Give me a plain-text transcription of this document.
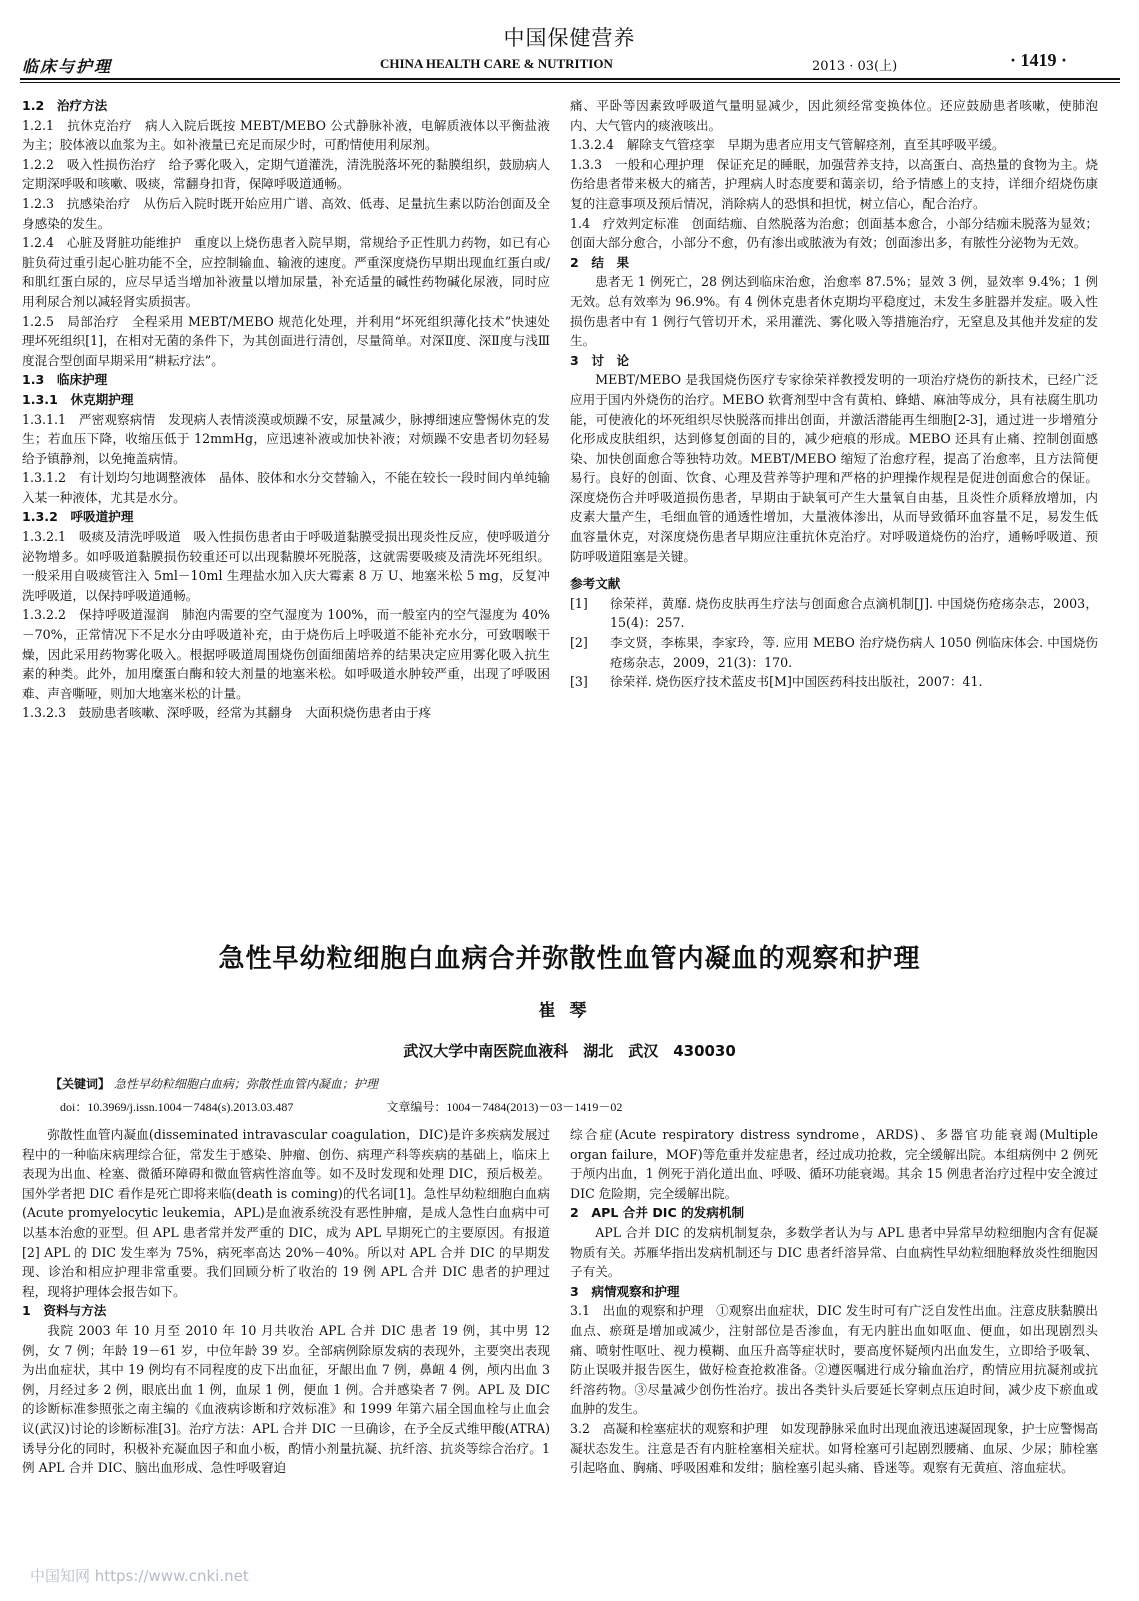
中国保健营养
临床与护理	CHINA HEALTH CARE & NUTRITION	2013 · 03(上)	· 1419 ·

1.2　治疗方法

1.2.1　抗休克治疗　病人入院后既按 MEBT/MEBO 公式静脉补液，电解质液体以平衡盐液为主；胶体液以血浆为主。如补液量已充足而尿少时，可酌情使用利尿剂。

1.2.2　吸入性损伤治疗　给予雾化吸入，定期气道灌洗，清洗脱落坏死的黏膜组织，鼓励病人定期深呼吸和咳嗽、吸痰，常翻身扣背，保障呼吸道通畅。

1.2.3　抗感染治疗　从伤后入院时既开始应用广谱、高效、低毒、足量抗生素以防治创面及全身感染的发生。

1.2.4　心脏及肾脏功能维护　重度以上烧伤患者入院早期，常规给予正性肌力药物，如已有心脏负荷过重引起心脏功能不全，应控制输血、输液的速度。严重深度烧伤早期出现血红蛋白或/和肌红蛋白尿的，应尽早适当增加补液量以增加尿量，补充适量的碱性药物碱化尿液，同时应用利尿合剂以减轻肾实质损害。

1.2.5　局部治疗　全程采用 MEBT/MEBO 规范化处理，并利用“坏死组织薄化技术”快速处理坏死组织[1]，在相对无菌的条件下，为其创面进行清创，尽量简单。对深Ⅱ度、深Ⅱ度与浅Ⅲ度混合型创面早期采用“耕耘疗法”。

1.3　临床护理

1.3.1　休克期护理

1.3.1.1　严密观察病情　发现病人表情淡漠或烦躁不安，尿量减少，脉搏细速应警惕休克的发生；若血压下降，收缩压低于 12mmHg，应迅速补液或加快补液；对烦躁不安患者切勿轻易给予镇静剂，以免掩盖病情。

1.3.1.2　有计划均匀地调整液体　晶体、胶体和水分交替输入，不能在较长一段时间内单纯输入某一种液体，尤其是水分。

1.3.2　呼吸道护理

1.3.2.1　吸痰及清洗呼吸道　吸入性损伤患者由于呼吸道黏膜受损出现炎性反应，使呼吸道分泌物增多。如呼吸道黏膜损伤较重还可以出现黏膜坏死脱落，这就需要吸痰及清洗坏死组织。一般采用自吸痰管注入 5ml－10ml 生理盐水加入庆大霉素 8 万 U、地塞米松 5 mg，反复冲洗呼吸道，以保持呼吸道通畅。

1.3.2.2　保持呼吸道湿润　肺泡内需要的空气湿度为 100%，而一般室内的空气湿度为 40% －70%，正常情况下不足水分由呼吸道补充，由于烧伤后上呼吸道不能补充水分，可致咽喉干燥，因此采用药物雾化吸入。根据呼吸道周围烧伤创面细菌培养的结果决定应用雾化吸入抗生素的种类。此外，加用糜蛋白酶和较大剂量的地塞米松。如呼吸道水肿较严重，出现了呼吸困难、声音嘶哑，则加大地塞米松的计量。

1.3.2.3　鼓励患者咳嗽、深呼吸，经常为其翻身　大面积烧伤患者由于疼

痛、平卧等因素致呼吸道气量明显减少，因此须经常变换体位。还应鼓励患者咳嗽，使肺泡内、大气管内的痰液咳出。

1.3.2.4　解除支气管痉挛　早期为患者应用支气管解痉剂，直至其呼吸平缓。

1.3.3　一般和心理护理　保证充足的睡眠，加强营养支持，以高蛋白、高热量的食物为主。烧伤给患者带来极大的痛苦，护理病人时态度要和蔼亲切，给予情感上的支持，详细介绍烧伤康复的注意事项及预后情况，消除病人的恐惧和担忧，树立信心，配合治疗。

1.4　疗效判定标准　创面结痂、自然脱落为治愈；创面基本愈合，小部分结痂未脱落为显效；创面大部分愈合，小部分不愈，仍有渗出或脓液为有效；创面渗出多，有脓性分泌物为无效。

2　结　果

患者无 1 例死亡，28 例达到临床治愈，治愈率 87.5%；显效 3 例，显效率 9.4%；1 例无效。总有效率为 96.9%。有 4 例休克患者休克期均平稳度过，未发生多脏器并发症。吸入性损伤患者中有 1 例行气管切开术，采用灌洗、雾化吸入等措施治疗，无窒息及其他并发症的发生。

3　讨　论

MEBT/MEBO 是我国烧伤医疗专家徐荣祥教授发明的一项治疗烧伤的新技术，已经广泛应用于国内外烧伤的治疗。MEBO 软膏剂型中含有黄柏、蜂蜡、麻油等成分，具有祛腐生肌功能，可使液化的坏死组织尽快脱落而排出创面，并激活潜能再生细胞[2-3]，通过进一步增殖分化形成皮肤组织，达到修复创面的目的，减少疤痕的形成。MEBO 还具有止痛、控制创面感染、加快创面愈合等独特功效。MEBT/MEBO 缩短了治愈疗程，提高了治愈率，且方法简便易行。良好的创面、饮食、心理及营养等护理和严格的护理操作规程是促进创面愈合的保证。深度烧伤合并呼吸道损伤患者，早期由于缺氧可产生大量氧自由基，且炎性介质释放增加，内皮素大量产生，毛细血管的通透性增加，大量液体渗出，从而导致循环血容量不足，易发生低血容量休克，对深度烧伤患者早期应注重抗休克治疗。对呼吸道烧伤的治疗，通畅呼吸道、预防呼吸道阻塞是关键。

参考文献

[1]	徐荣祥，黄靡. 烧伤皮肤再生疗法与创面愈合点滴机制[J]. 中国烧伤疮疡杂志，2003，15(4)：257.
[2]	李文贤，李栋果，李家玲，等. 应用 MEBO 治疗烧伤病人 1050 例临床体会. 中国烧伤疮疡杂志，2009，21(3)：170.
[3]	徐荣祥. 烧伤医疗技术蓝皮书[M]中国医药科技出版社，2007：41.
急性早幼粒细胞白血病合并弥散性血管内凝血的观察和护理
崔琴
武汉大学中南医院血液科　湖北　武汉　430030
【关键词】 急性早幼粒细胞白血病；弥散性血管内凝血；护理
doi：10.3969/j.issn.1004－7484(s).2013.03.487	文章编号：1004－7484(2013)－03－1419－02

弥散性血管内凝血(disseminated intravascular coagulation，DIC)是许多疾病发展过程中的一种临床病理综合征，常发生于感染、肿瘤、创伤、病理产科等疾病的基础上，临床上表现为出血、栓塞、微循环障碍和微血管病性溶血等。如不及时发现和处理 DIC，预后极差。国外学者把 DIC 看作是死亡即将来临(death is coming)的代名词[1]。急性早幼粒细胞白血病(Acute promyelocytic leukemia，APL)是血液系统没有恶性肿瘤，是成人急性白血病中可以基本治愈的亚型。但 APL 患者常并发严重的 DIC，成为 APL 早期死亡的主要原因。有报道[2] APL 的 DIC 发生率为 75%，病死率高达 20%－40%。所以对 APL 合并 DIC 的早期发现、诊治和相应护理非常重要。我们回顾分析了收治的 19 例 APL 合并 DIC 患者的护理过程，现将护理体会报告如下。

1　资料与方法

我院 2003 年 10 月至 2010 年 10 月共收治 APL 合并 DIC 患者 19 例，其中男 12 例，女 7 例；年龄 19－61 岁，中位年龄 39 岁。全部病例除原发病的表现外，主要突出表现为出血症状，其中 19 例均有不同程度的皮下出血征，牙龈出血 7 例，鼻衄 4 例，颅内出血 3 例，月经过多 2 例，眼底出血 1 例，血尿 1 例，便血 1 例。合并感染者 7 例。APL 及 DIC 的诊断标准参照张之南主编的《血液病诊断和疗效标准》和 1999 年第六届全国血栓与止血会议(武汉)讨论的诊断标准[3]。治疗方法：APL 合并 DIC 一旦确诊，在予全反式维甲酸(ATRA)诱导分化的同时，积极补充凝血因子和血小板，酌情小剂量抗凝、抗纤溶、抗炎等综合治疗。1 例 APL 合并 DIC、脑出血形成、急性呼吸窘迫

综合症(Acute respiratory distress syndrome，ARDS)、多器官功能衰竭(Multiple organ failure，MOF)等危重并发症患者，经过成功抢救，完全缓解出院。本组病例中 2 例死于颅内出血，1 例死于消化道出血、呼吸、循环功能衰竭。其余 15 例患者治疗过程中安全渡过 DIC 危险期，完全缓解出院。

2　APL 合并 DIC 的发病机制

APL 合并 DIC 的发病机制复杂，多数学者认为与 APL 患者中异常早幼粒细胞内含有促凝物质有关。苏雁华指出发病机制还与 DIC 患者纤溶异常、白血病性早幼粒细胞释放炎性细胞因子有关。

3　病情观察和护理

3.1　出血的观察和护理　①观察出血症状，DIC 发生时可有广泛自发性出血。注意皮肤黏膜出血点、瘀斑是增加或减少，注射部位是否渗血，有无内脏出血如呕血、便血，如出现剧烈头痛、喷射性呕吐、视力模糊、血压升高等症状时，要高度怀疑颅内出血发生，立即给予吸氧、防止误吸并报告医生，做好检查抢救准备。②遵医嘱进行成分输血治疗，酌情应用抗凝剂或抗纤溶药物。③尽量减少创伤性治疗。拔出各类针头后要延长穿刺点压迫时间，减少皮下瘀血或血肿的发生。

3.2　高凝和栓塞症状的观察和护理　如发现静脉采血时出现血液迅速凝固现象，护士应警惕高凝状态发生。注意是否有内脏栓塞相关症状。如肾栓塞可引起剧烈腰痛、血尿、少尿；肺栓塞引起咯血、胸痛、呼吸困难和发绀；脑栓塞引起头痛、昏迷等。观察有无黄疸、溶血症状。

中国知网 https://www.cnki.net
